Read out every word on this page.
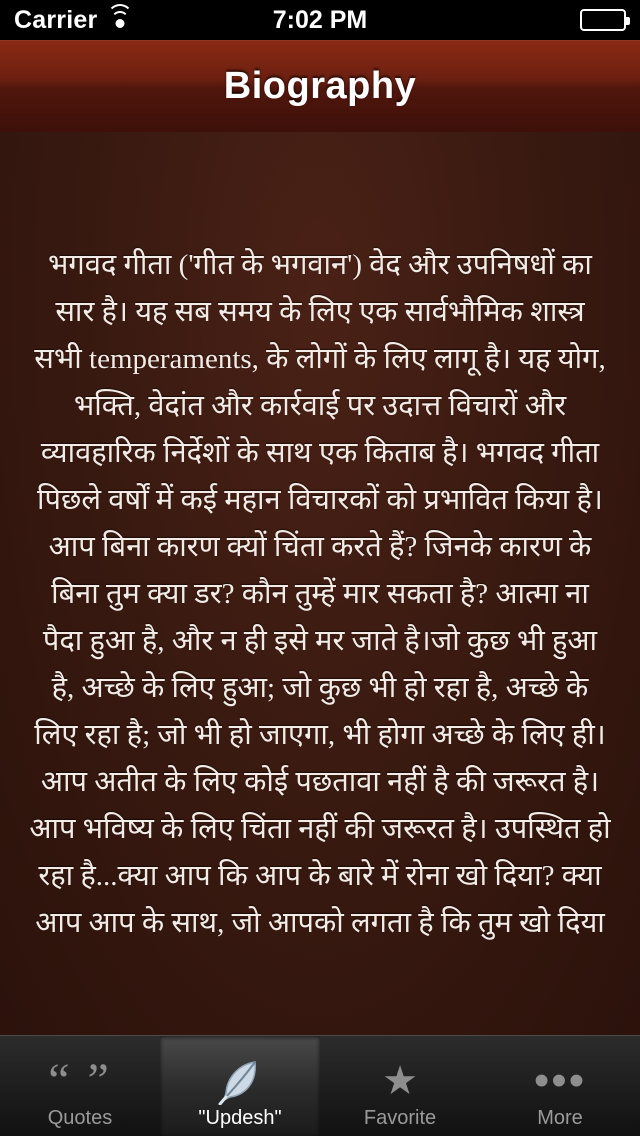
Carrier	7:02 PM
Biography
भगवद गीता ('गीत के भगवान') वेद और उपनिषधों का सार है। यह सब समय के लिए एक सार्वभौमिक शास्त्र सभी temperaments, के लोगों के लिए लागू है। यह योग, भक्ति, वेदांत और कार्रवाई पर उदात्त विचारों और व्यावहारिक निर्देशों के साथ एक किताब है। भगवद गीता पिछले वर्षों में कई महान विचारकों को प्रभावित किया है। आप बिना कारण क्यों चिंता करते हैं? जिनके कारण के बिना तुम क्या डर? कौन तुम्हें मार सकता है? आत्मा ना पैदा हुआ है, और न ही इसे मर जाते है।जो कुछ भी हुआ है, अच्छे के लिए हुआ; जो कुछ भी हो रहा है, अच्छे के लिए रहा है; जो भी हो जाएगा, भी होगा अच्छे के लिए ही। आप अतीत के लिए कोई पछतावा नहीं है की जरूरत है। आप भविष्य के लिए चिंता नहीं की जरूरत है। उपस्थित हो रहा है...क्या आप कि आप के बारे में रोना खो दिया? क्या आप आप के साथ, जो आपको लगता है कि तुम खो दिया
“ ”
Quotes	"Updesh"
★
Favorite
•••
More
